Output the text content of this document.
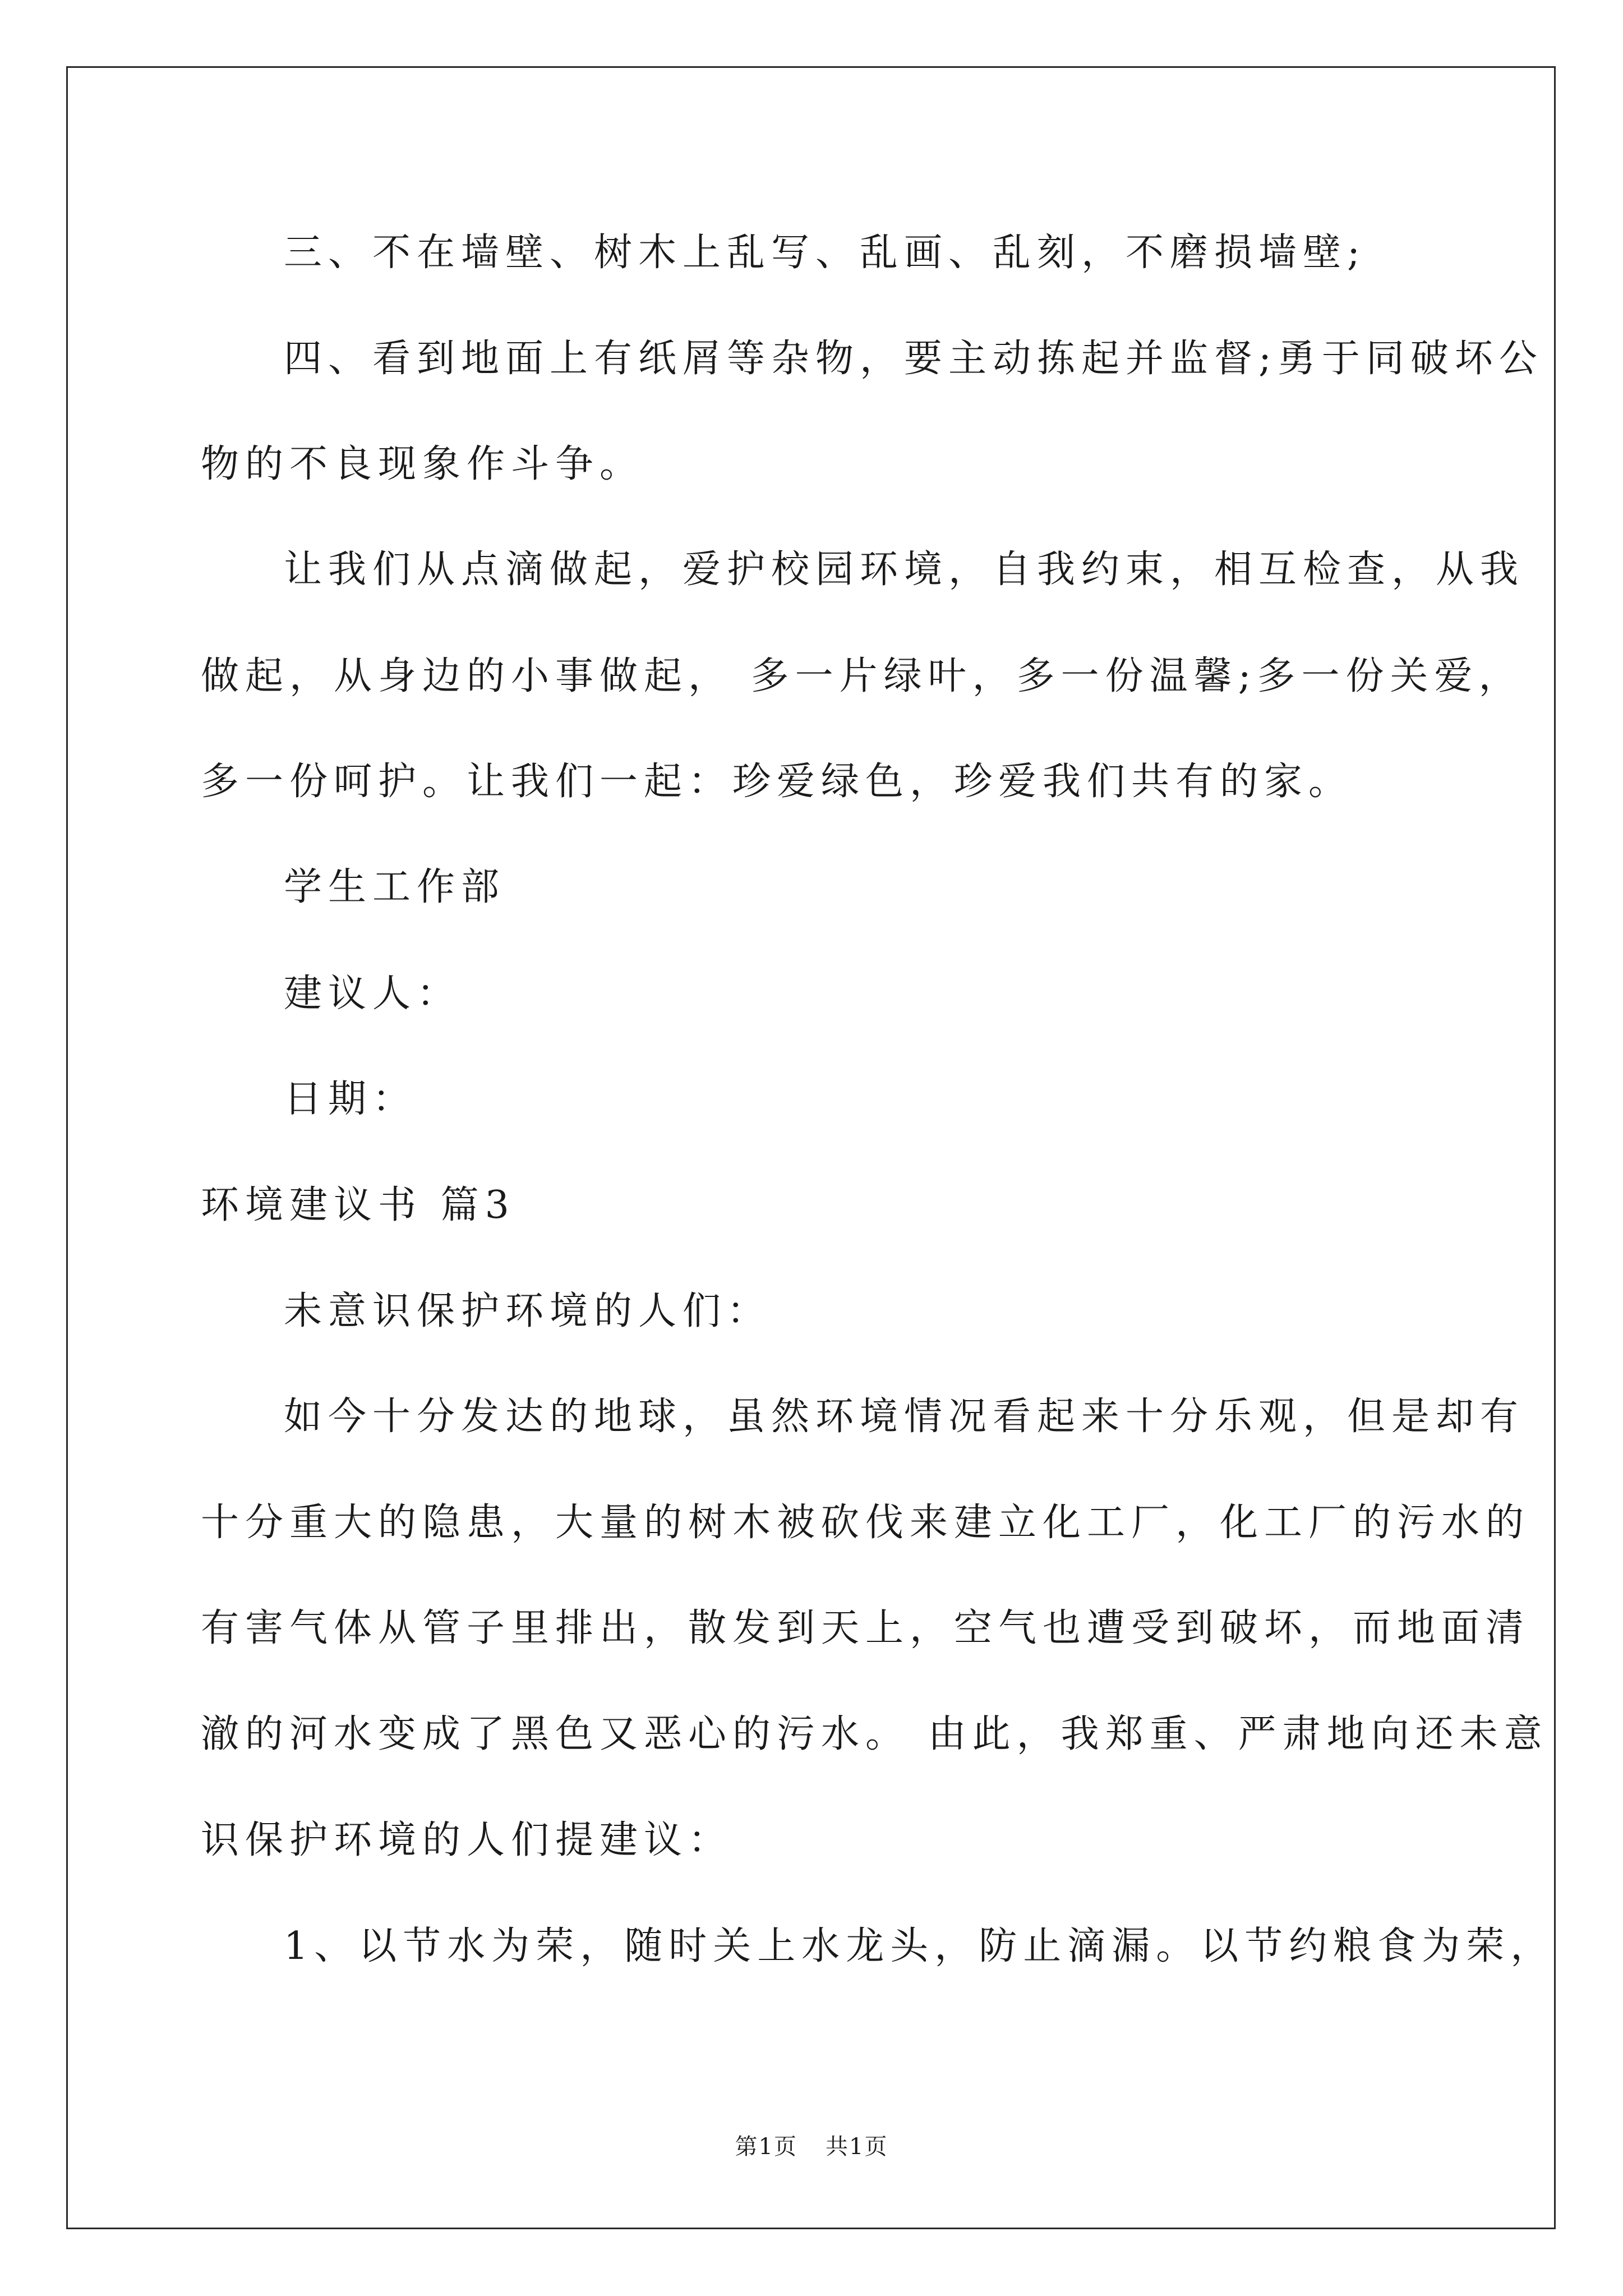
三、不在墙壁、树木上乱写、乱画、乱刻，不磨损墙壁;
四、看到地面上有纸屑等杂物，要主动拣起并监督;勇于同破坏公
物的不良现象作斗争。
让我们从点滴做起，爱护校园环境，自我约束，相互检查，从我
做起，从身边的小事做起， 多一片绿叶，多一份温馨;多一份关爱，
多一份呵护。让我们一起：珍爱绿色，珍爱我们共有的家。
学生工作部
建议人：
日期：
环境建议书 篇3
未意识保护环境的人们：
如今十分发达的地球，虽然环境情况看起来十分乐观，但是却有
十分重大的隐患，大量的树木被砍伐来建立化工厂，化工厂的污水的
有害气体从管子里排出，散发到天上，空气也遭受到破坏，而地面清
澈的河水变成了黑色又恶心的污水。 由此，我郑重、严肃地向还未意
识保护环境的人们提建议：
1、以节水为荣，随时关上水龙头，防止滴漏。以节约粮食为荣，
第1页 共1页
